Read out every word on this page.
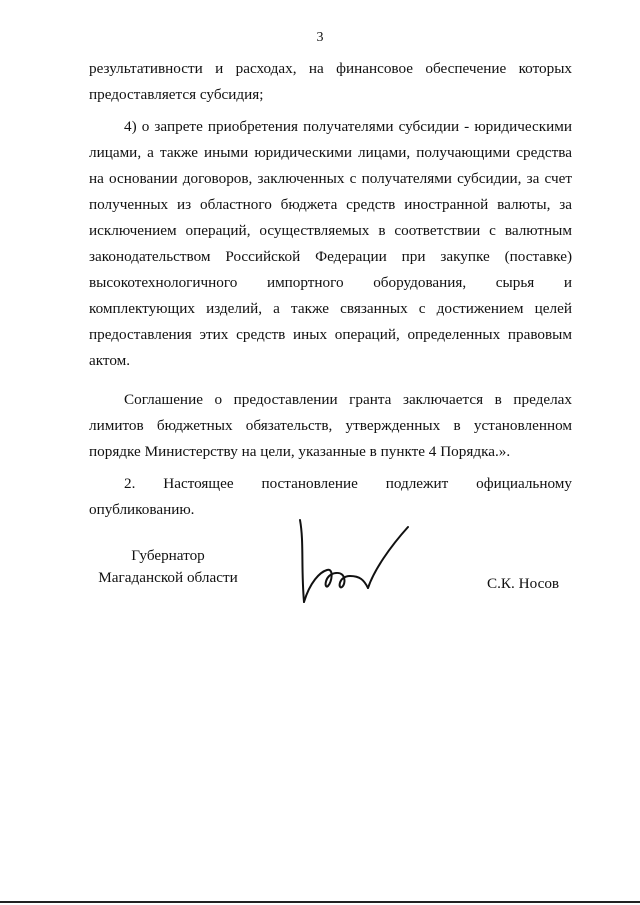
3

результативности и расходах, на финансовое обеспечение которых предоставляется субсидия;

4) о запрете приобретения получателями субсидии - юридическими лицами, а также иными юридическими лицами, получающими средства на основании договоров, заключенных с получателями субсидии, за счет полученных из областного бюджета средств иностранной валюты, за исключением операций, осуществляемых в соответствии с валютным законодательством Российской Федерации при закупке (поставке) высокотехнологичного импортного оборудования, сырья и комплектующих изделий, а также связанных с достижением целей предоставления этих средств иных операций, определенных правовым актом.

Соглашение о предоставлении гранта заключается в пределах лимитов бюджетных обязательств, утвержденных в установленном порядке Министерству на цели, указанные в пункте 4 Порядка.».

2. Настоящее постановление подлежит официальному опубликованию.

Губернатор
Магаданской области	С.К. Носов
